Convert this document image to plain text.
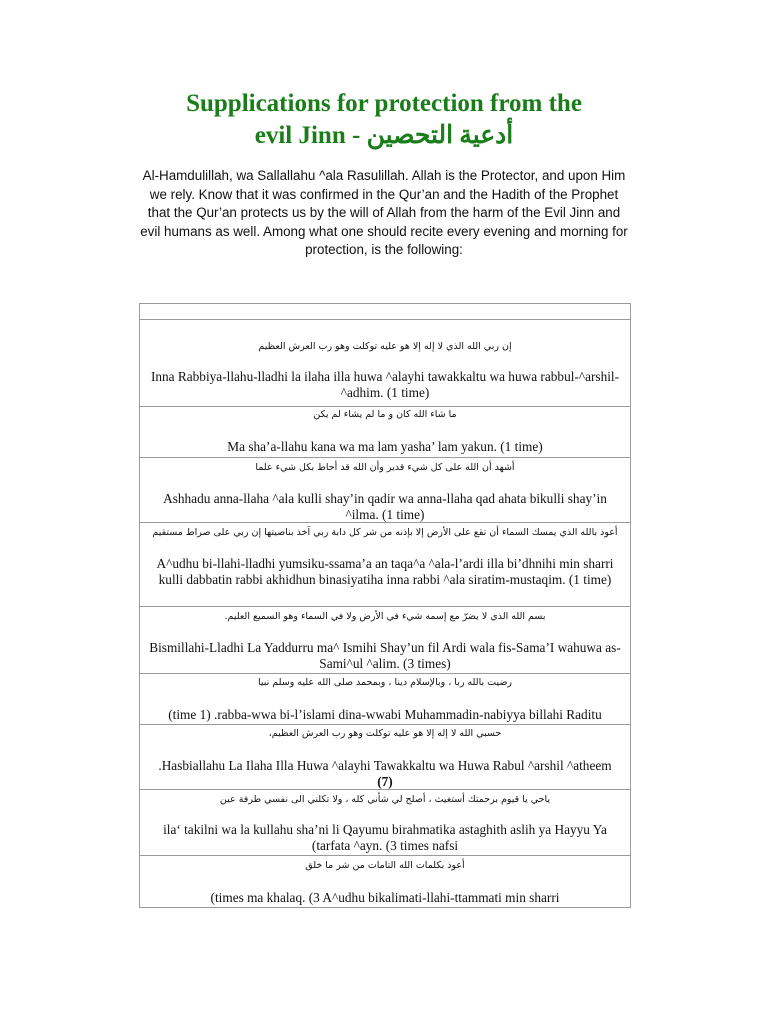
Supplications for protection from the
evil Jinn - أدعية التحصين
Al-Hamdulillah, wa Sallallahu ^ala Rasulillah. Allah is the Protector, and upon Him we rely. Know that it was confirmed in the Qur’an and the Hadith of the Prophet that the Qur’an protects us by the will of Allah from the harm of the Evil Jinn and evil humans as well. Among what one should recite every evening and morning for protection, is the following:
إن ربي الله الذي لا إله إلا هو عليه توكلت وهو رب العرش العظيم
Inna Rabbiya-llahu-lladhi la ilaha illa huwa ^alayhi tawakkaltu wa huwa rabbul-^arshil-^adhim. (1 time)
ما شاء الله كان و ما لم يشاء لم يكن
Ma sha’a-llahu kana wa ma lam yasha’ lam yakun. (1 time)
أشهد أن الله على كل شيء قدير وأن الله قد أحاط بكل شيء علما
Ashhadu anna-llaha ^ala kulli shay’in qadir wa anna-llaha qad ahata bikulli shay’in ^ilma. (1 time)
أعوذ بالله الذي يمسك السماء أن تقع على الأرض إلا بإذنه من شر كل دابة ربي آخذ بناصيتها إن ربي على صراط مستقيم
A^udhu bi-llahi-lladhi yumsiku-ssama’a an taqa^a ^ala-l’ardi illa bi’dhnihi min sharri kulli dabbatin rabbi akhidhun binasiyatiha inna rabbi ^ala siratim-mustaqim. (1 time)
بسم الله الذي لا يضرّ مع إسمه شيء في الأرض ولا في السماء وهو السميع العليم.
Bismillahi-Lladhi La Yaddurru ma^ Ismihi Shay’un fil Ardi wala fis-Sama’I wahuwa as-Sami^ul ^alim. (3 times)
رضيت بالله ربا ، وبالإسلام دينا ، وبمحمد صلى الله عليه وسلم نبيا
(time 1) .rabba-wwa bi-l’islami dina-wwabi Muhammadin-nabiyya billahi Raditu
حسبي الله لا إله إلا هو عليه توكلت وهو رب العرش العظيم،
.Hasbiallahu La Ilaha Illa Huwa ^alayhi Tawakkaltu wa Huwa Rabul ^arshil ^atheem
(7)
ياحي يا قيوم برحمتك أستغيث ، أصلح لي شأني كله ، ولا تكلني الى نفسي طرفة عين
ila‘ takilni wa la kullahu sha’ni li Qayumu birahmatika astaghith aslih ya Hayyu Ya (tarfata ^ayn. (3 times nafsi
أعوذ بكلمات الله التامات من شر ما خلق
(times ma khalaq. (3 A^udhu bikalimati-llahi-ttammati min sharri
